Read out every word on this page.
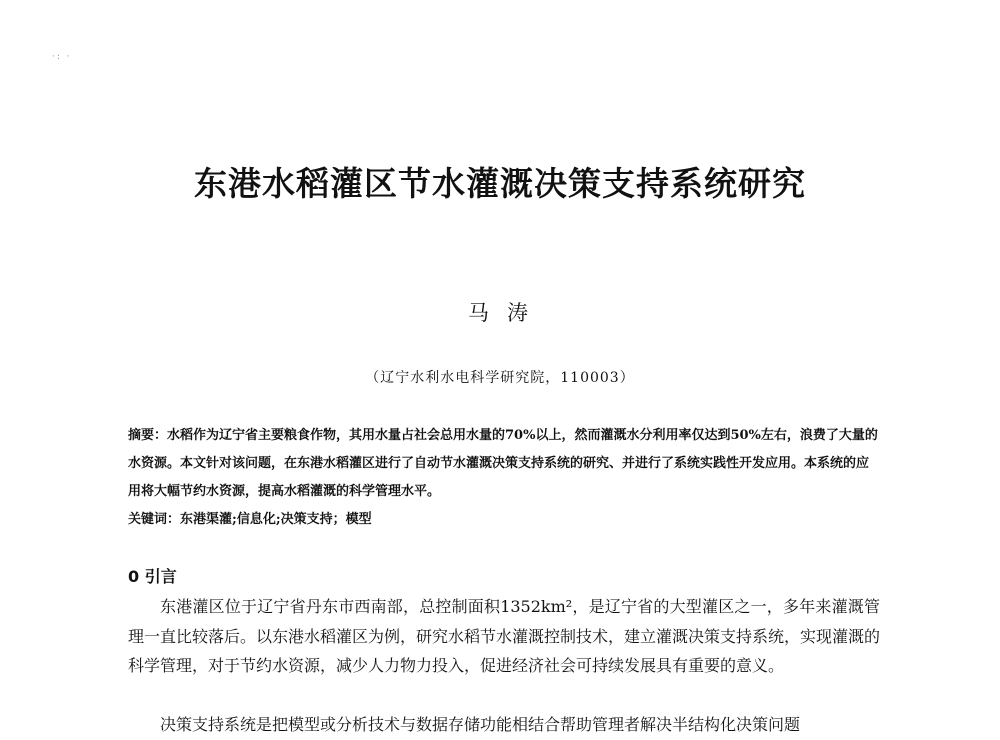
·: ·
东港水稻灌区节水灌溉决策支持系统研究
马涛
（辽宁水利水电科学研究院，110003）
摘要：水稻作为辽宁省主要粮食作物，其用水量占社会总用水量的70%以上，然而灌溉水分利用率仅达到50%左右，浪费了大量的水资源。本文针对该问题，在东港水稻灌区进行了自动节水灌溉决策支持系统的研究、并进行了系统实践性开发应用。本系统的应用将大幅节约水资源，提高水稻灌溉的科学管理水平。
关键词：东港渠灌;信息化;决策支持；模型
0 引言

东港灌区位于辽宁省丹东市西南部，总控制面积1352km²，是辽宁省的大型灌区之一，多年来灌溉管理一直比较落后。以东港水稻灌区为例，研究水稻节水灌溉控制技术，建立灌溉决策支持系统，实现灌溉的科学管理，对于节约水资源，减少人力物力投入，促进经济社会可持续发展具有重要的意义。

决策支持系统是把模型或分析技术与数据存储功能相结合帮助管理者解决半结构化决策问题
